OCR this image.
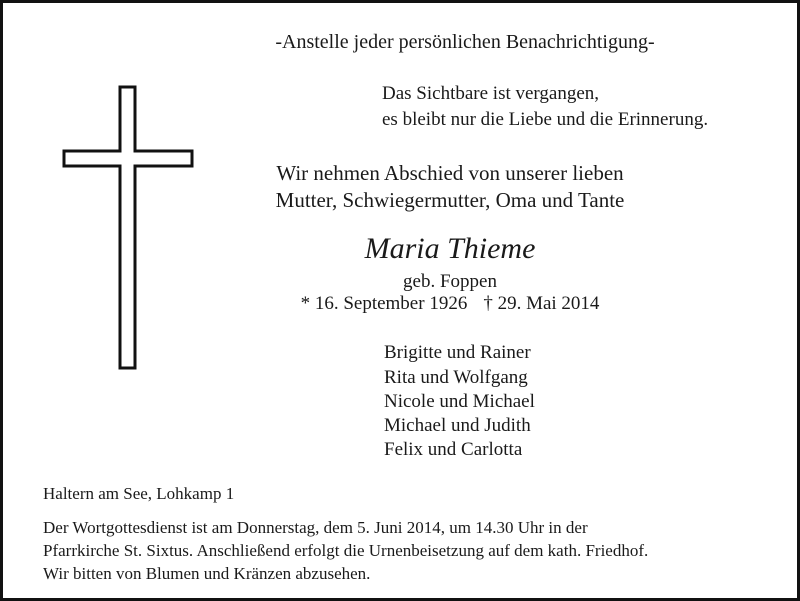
-Anstelle jeder persönlichen Benachrichtigung-

Das Sichtbare ist vergangen,

es bleibt nur die Liebe und die Erinnerung.

Wir nehmen Abschied von unserer lieben

Mutter, Schwiegermutter, Oma und Tante

Maria Thieme

geb. Foppen

* 16. September 1926 † 29. Mai 2014

Brigitte und Rainer

Rita und Wolfgang

Nicole und Michael

Michael und Judith

Felix und Carlotta

Haltern am See, Lohkamp 1

Der Wortgottesdienst ist am Donnerstag, dem 5. Juni 2014, um 14.30 Uhr in der

Pfarrkirche St. Sixtus. Anschließend erfolgt die Urnenbeisetzung auf dem kath. Friedhof.

Wir bitten von Blumen und Kränzen abzusehen.
